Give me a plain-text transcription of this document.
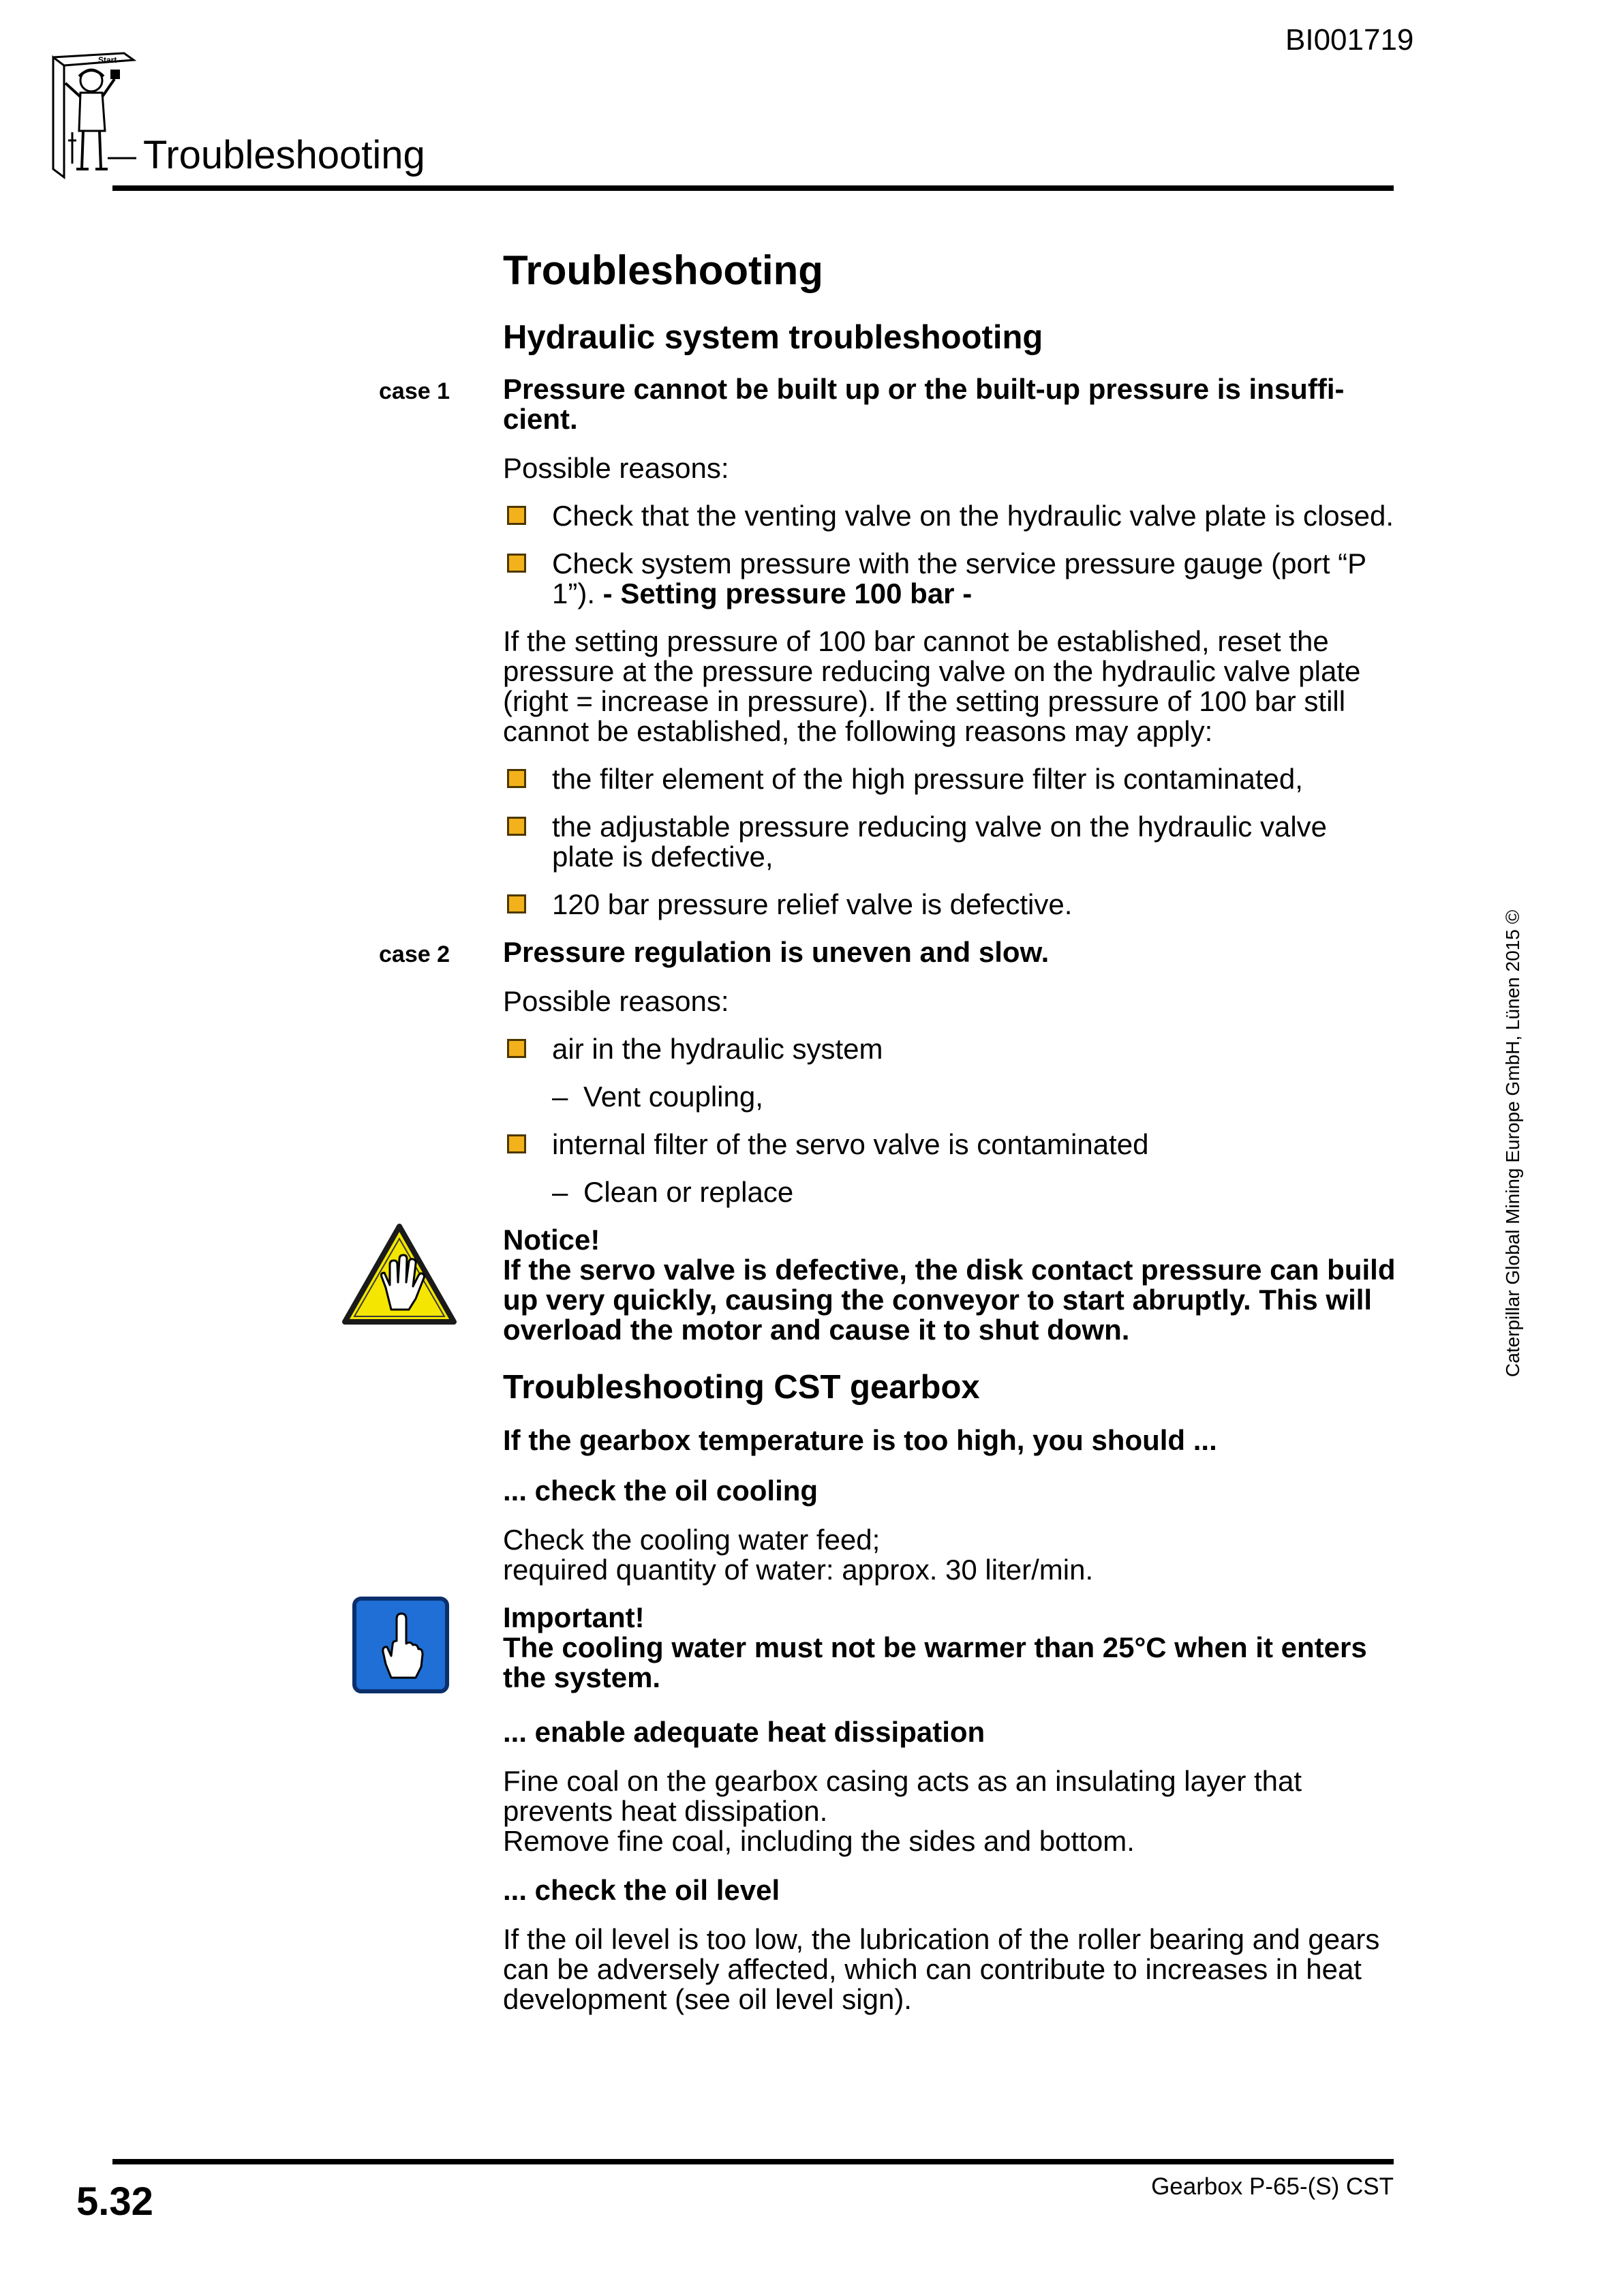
BI001719
Start
Troubleshooting
Caterpillar Global Mining Europe GmbH, Lünen 2015 ©
Troubleshooting
Hydraulic system troubleshooting
case 1 Pressure cannot be built up or the built-up pressure is insuffi-cient.

Possible reasons:

Check that the venting valve on the hydraulic valve plate is closed.
Check system pressure with the service pressure gauge (port “P 1”). - Setting pressure 100 bar -

If the setting pressure of 100 bar cannot be established, reset the pressure at the pressure reducing valve on the hydraulic valve plate (right = increase in pressure). If the setting pressure of 100 bar still cannot be established, the following reasons may apply:

the filter element of the high pressure filter is contaminated,
the adjustable pressure reducing valve on the hydraulic valve plate is defective,
120 bar pressure relief valve is defective.
case 2 Pressure regulation is uneven and slow.

Possible reasons:

air in the hydraulic system
– Vent coupling,
internal filter of the servo valve is contaminated
– Clean or replace
Notice!
If the servo valve is defective, the disk contact pressure can build up very quickly, causing the conveyor to start abruptly. This will overload the motor and cause it to shut down.
Troubleshooting CST gearbox
If the gearbox temperature is too high, you should ...
... check the oil cooling
Check the cooling water feed;
required quantity of water: approx. 30 liter/min.
Important!
The cooling water must not be warmer than 25°C when it enters the system.
... enable adequate heat dissipation
Fine coal on the gearbox casing acts as an insulating layer that prevents heat dissipation.
Remove fine coal, including the sides and bottom.
... check the oil level

If the oil level is too low, the lubrication of the roller bearing and gears can be adversely affected, which can contribute to increases in heat development (see oil level sign).

5.32	Gearbox P-65-(S) CST
